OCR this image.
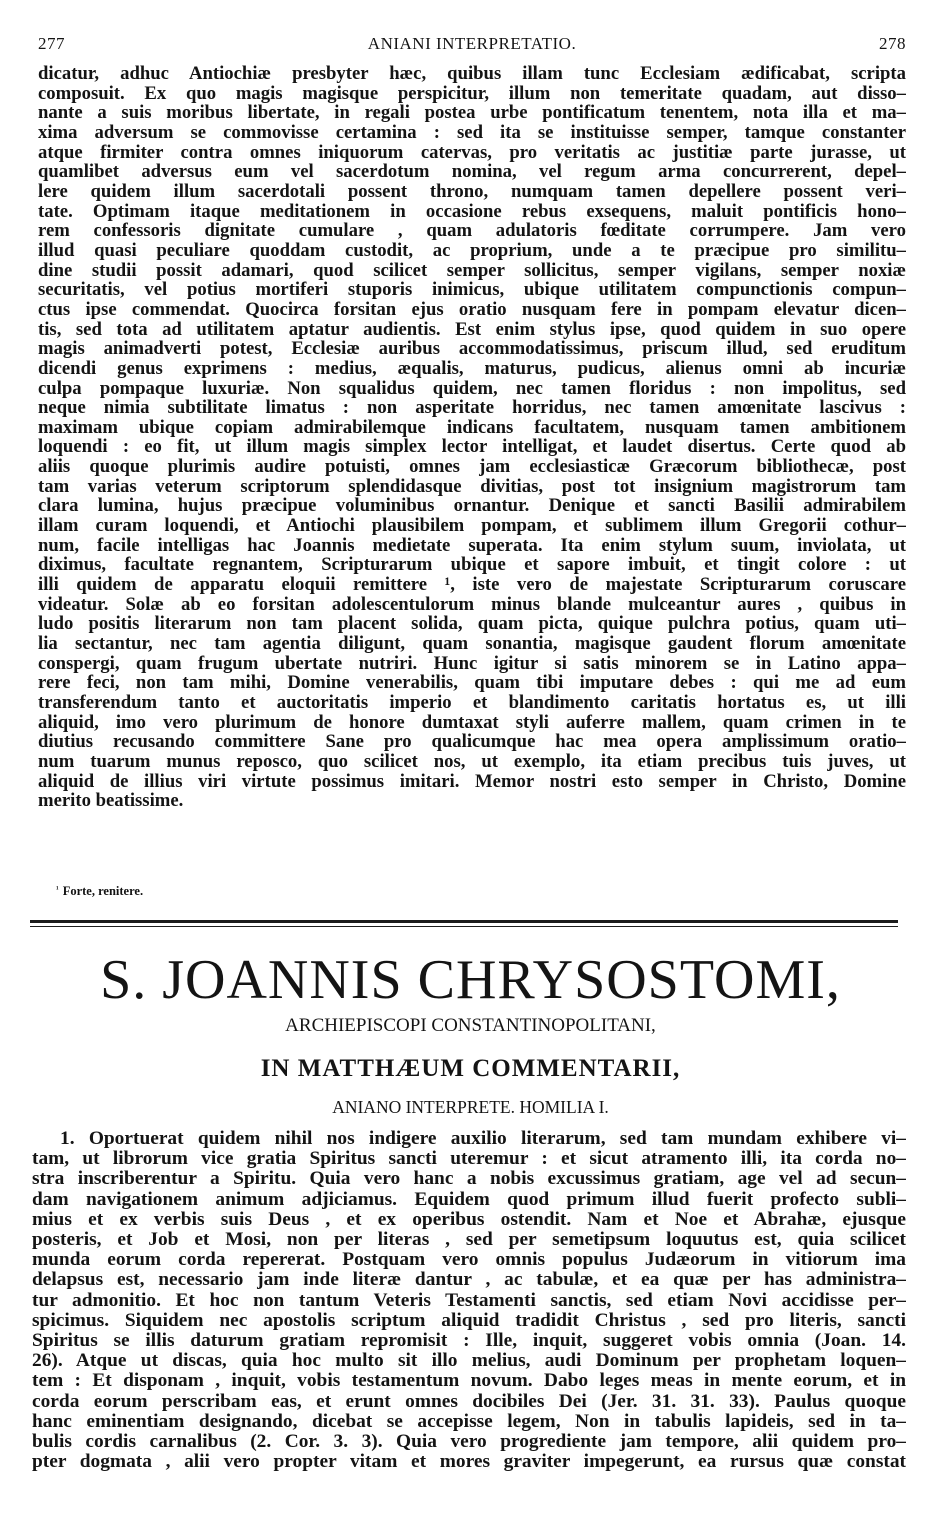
277	ANIANI INTERPRETATIO.	278
dicatur, adhuc Antiochiæ presbyter hæc, quibus illam tunc Ecclesiam ædificabat, scripta
composuit. Ex quo magis magisque perspicitur, illum non temeritate quadam, aut disso–
nante a suis moribus libertate, in regali postea urbe pontificatum tenentem, nota illa et ma–
xima adversum se commovisse certamina : sed ita se instituisse semper, tamque constanter
atque firmiter contra omnes iniquorum catervas, pro veritatis ac justitiæ parte jurasse, ut
quamlibet adversus eum vel sacerdotum nomina, vel regum arma concurrerent, depel–
lere quidem illum sacerdotali possent throno, numquam tamen depellere possent veri–
tate. Optimam itaque meditationem in occasione rebus exsequens, maluit pontificis hono–
rem confessoris dignitate cumulare , quam adulatoris fœditate corrumpere. Jam vero
illud quasi peculiare quoddam custodit, ac proprium, unde a te præcipue pro similitu–
dine studii possit adamari, quod scilicet semper sollicitus, semper vigilans, semper noxiæ
securitatis, vel potius mortiferi stuporis inimicus, ubique utilitatem compunctionis compun–
ctus ipse commendat. Quocirca forsitan ejus oratio nusquam fere in pompam elevatur dicen–
tis, sed tota ad utilitatem aptatur audientis. Est enim stylus ipse, quod quidem in suo opere
magis animadverti potest, Ecclesiæ auribus accommodatissimus, priscum illud, sed eruditum
dicendi genus exprimens : medius, æqualis, maturus, pudicus, alienus omni ab incuriæ
culpa pompaque luxuriæ. Non squalidus quidem, nec tamen floridus : non impolitus, sed
neque nimia subtilitate limatus : non asperitate horridus, nec tamen amœnitate lascivus :
maximam ubique copiam admirabilemque indicans facultatem, nusquam tamen ambitionem
loquendi : eo fit, ut illum magis simplex lector intelligat, et laudet disertus. Certe quod ab
aliis quoque plurimis audire potuisti, omnes jam ecclesiasticæ Græcorum bibliothecæ, post
tam varias veterum scriptorum splendidasque divitias, post tot insignium magistrorum tam
clara lumina, hujus præcipue voluminibus ornantur. Denique et sancti Basilii admirabilem
illam curam loquendi, et Antiochi plausibilem pompam, et sublimem illum Gregorii cothur–
num, facile intelligas hac Joannis medietate superata. Ita enim stylum suum, inviolata, ut
diximus, facultate regnantem, Scripturarum ubique et sapore imbuit, et tingit colore : ut
illi quidem de apparatu eloquii remittere ¹, iste vero de majestate Scripturarum coruscare
videatur. Solæ ab eo forsitan adolescentulorum minus blande mulceantur aures , quibus in
ludo positis literarum non tam placent solida, quam picta, quique pulchra potius, quam uti–
lia sectantur, nec tam agentia diligunt, quam sonantia, magisque gaudent florum amœnitate
conspergi, quam frugum ubertate nutriri. Hunc igitur si satis minorem se in Latino appa–
rere feci, non tam mihi, Domine venerabilis, quam tibi imputare debes : qui me ad eum
transferendum tanto et auctoritatis imperio et blandimento caritatis hortatus es, ut illi
aliquid, imo vero plurimum de honore dumtaxat styli auferre mallem, quam crimen in te
diutius recusando committere Sane pro qualicumque hac mea opera amplissimum oratio–
num tuarum munus reposco, quo scilicet nos, ut exemplo, ita etiam precibus tuis juves, ut
aliquid de illius viri virtute possimus imitari. Memor nostri esto semper in Christo, Domine
merito beatissime.
$^{^1}$ Forte, renitere.
S. JOANNIS CHRYSOSTOMI,
ARCHIEPISCOPI CONSTANTINOPOLITANI,
IN MATTHÆUM COMMENTARII,
ANIANO INTERPRETE. HOMILIA I.
1. Oportuerat quidem nihil nos indigere auxilio literarum, sed tam mundam exhibere vi–
tam, ut librorum vice gratia Spiritus sancti uteremur : et sicut atramento illi, ita corda no–
stra inscriberentur a Spiritu. Quia vero hanc a nobis excussimus gratiam, age vel ad secun–
dam navigationem animum adjiciamus. Equidem quod primum illud fuerit profecto subli–
mius et ex verbis suis Deus , et ex operibus ostendit. Nam et Noe et Abrahæ, ejusque
posteris, et Job et Mosi, non per literas , sed per semetipsum loquutus est, quia scilicet
munda eorum corda repererat. Postquam vero omnis populus Judæorum in vitiorum ima
delapsus est, necessario jam inde literæ dantur , ac tabulæ, et ea quæ per has administra–
tur admonitio. Et hoc non tantum Veteris Testamenti sanctis, sed etiam Novi accidisse per–
spicimus. Siquidem nec apostolis scriptum aliquid tradidit Christus , sed pro literis, sancti
Spiritus se illis daturum gratiam repromisit : Ille, inquit, suggeret vobis omnia (Joan. 14.
26). Atque ut discas, quia hoc multo sit illo melius, audi Dominum per prophetam loquen–
tem : Et disponam , inquit, vobis testamentum novum. Dabo leges meas in mente eorum, et in
corda eorum perscribam eas, et erunt omnes docibiles Dei (Jer. 31. 31. 33). Paulus quoque
hanc eminentiam designando, dicebat se accepisse legem, Non in tabulis lapideis, sed in ta–
bulis cordis carnalibus (2. Cor. 3. 3). Quia vero progrediente jam tempore, alii quidem pro–
pter dogmata , alii vero propter vitam et mores graviter impegerunt, ea rursus quæ constat
